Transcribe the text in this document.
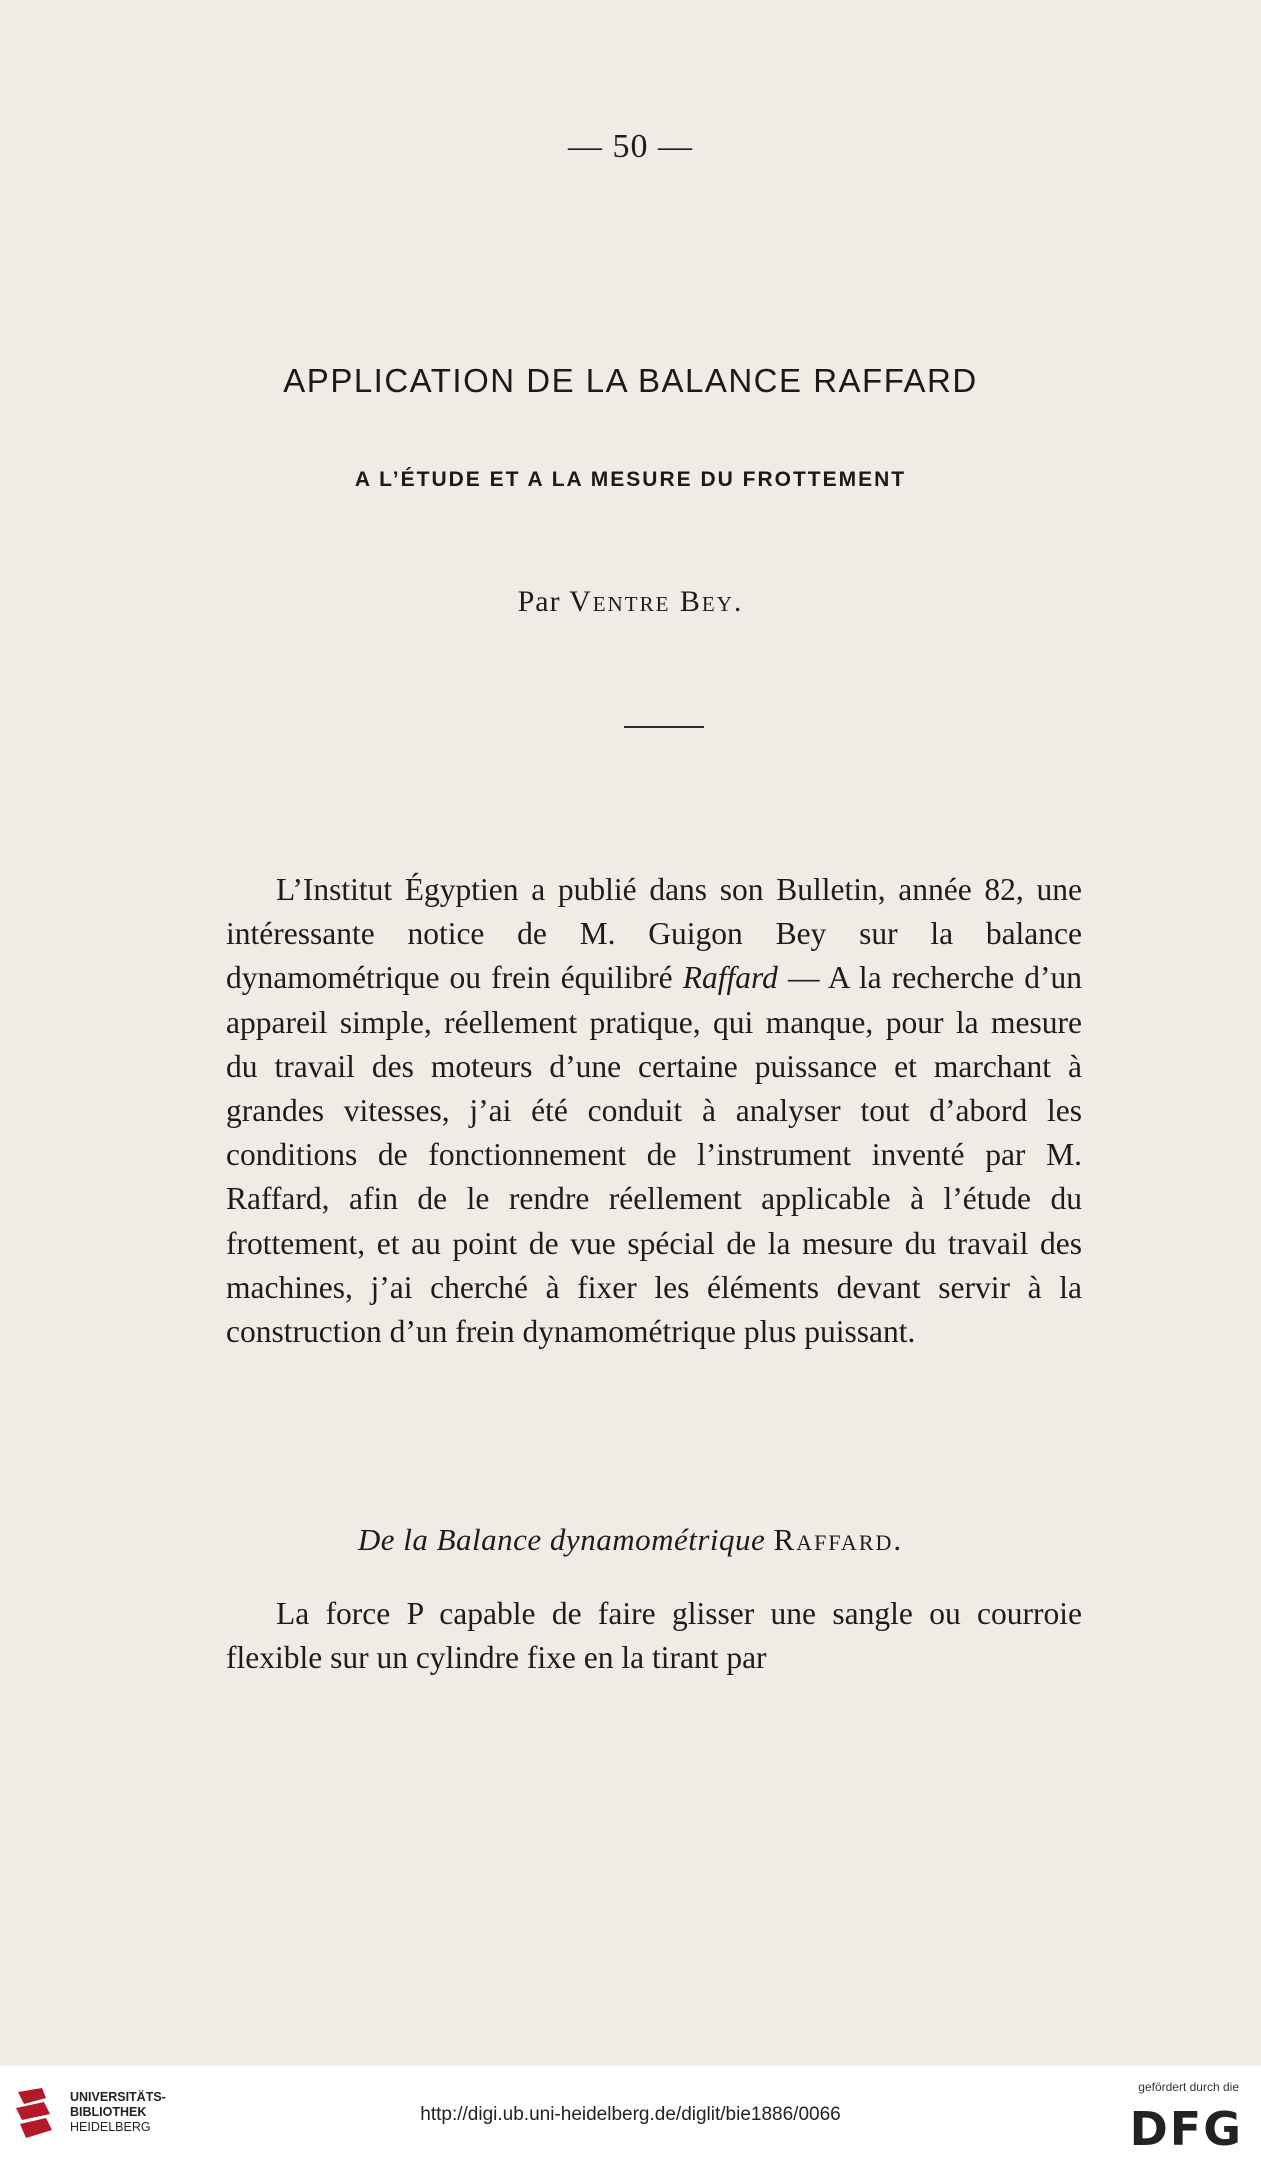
— 50 —
APPLICATION DE LA BALANCE RAFFARD
A L’ÉTUDE ET A LA MESURE DU FROTTEMENT
Par Ventre Bey.

L’Institut Égyptien a publié dans son Bulletin, année 82, une intéressante notice de M. Guigon Bey sur la balance dynamométrique ou frein équilibré Raffard — A la recherche d’un appareil simple, réellement pratique, qui manque, pour la mesure du travail des moteurs d’une certaine puissance et marchant à grandes vitesses, j’ai été conduit à analyser tout d’abord les conditions de fonctionnement de l’instrument inventé par M. Raffard, afin de le rendre réellement applicable à l’étude du frottement, et au point de vue spécial de la mesure du travail des machines, j’ai cherché à fixer les éléments devant servir à la construction d’un frein dynamométrique plus puissant.

De la Balance dynamométrique Raffard.

La force P capable de faire glisser une sangle ou courroie flexible sur un cylindre fixe en la tirant par

UNIVERSITÄTS-
BIBLIOTHEK
HEIDELBERG
http://digi.ub.uni-heidelberg.de/diglit/bie1886/0066
gefördert durch die
DFG
